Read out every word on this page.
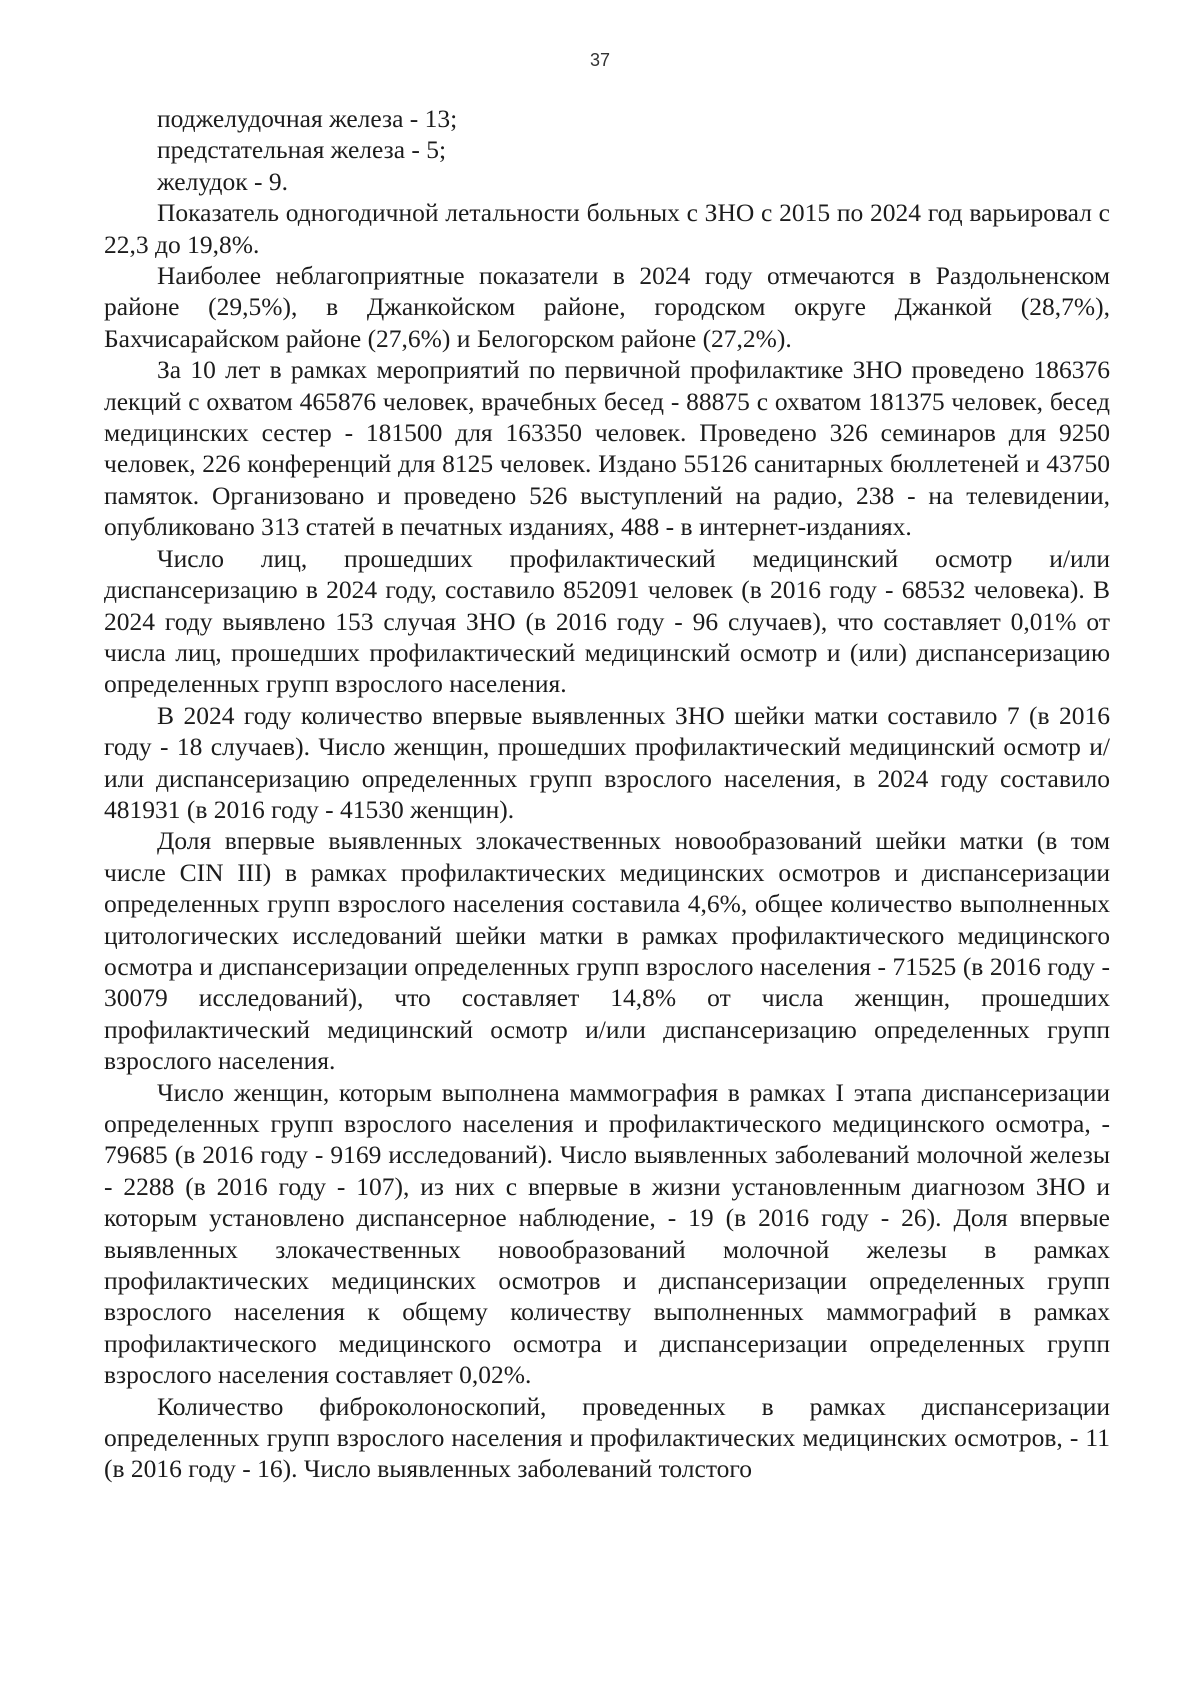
37

поджелудочная железа - 13;

предстательная железа - 5;

желудок - 9.

Показатель одногодичной летальности больных с ЗНО с 2015 по 2024 год варьировал с 22,3 до 19,8%.

Наиболее неблагоприятные показатели в 2024 году отмечаются в Раздольненском районе (29,5%), в Джанкойском районе, городском округе Джанкой (28,7%), Бахчисарайском районе (27,6%) и Белогорском районе (27,2%).

За 10 лет в рамках мероприятий по первичной профилактике ЗНО проведено 186376 лекций с охватом 465876 человек, врачебных бесед - 88875 с охватом 181375 человек, бесед медицинских сестер - 181500 для 163350 человек. Проведено 326 семинаров для 9250 человек, 226 конференций для 8125 человек. Издано 55126 санитарных бюллетеней и 43750 памяток. Организовано и проведено 526 выступлений на радио, 238 - на телевидении, опубликовано 313 статей в печатных изданиях, 488 - в интернет-изданиях.

Число лиц, прошедших профилактический медицинский осмотр и/или диспансеризацию в 2024 году, составило 852091 человек (в 2016 году - 68532 человека). В 2024 году выявлено 153 случая ЗНО (в 2016 году - 96 случаев), что составляет 0,01% от числа лиц, прошедших профилактический медицинский осмотр и (или) диспансеризацию определенных групп взрослого населения.

В 2024 году количество впервые выявленных ЗНО шейки матки составило 7 (в 2016 году - 18 случаев). Число женщин, прошедших профилактический медицинский осмотр и/или диспансеризацию определенных групп взрослого населения, в 2024 году составило 481931 (в 2016 году - 41530 женщин).

Доля впервые выявленных злокачественных новообразований шейки матки (в том числе CIN III) в рамках профилактических медицинских осмотров и диспансеризации определенных групп взрослого населения составила 4,6%, общее количество выполненных цитологических исследований шейки матки в рамках профилактического медицинского осмотра и диспансеризации определенных групп взрослого населения - 71525 (в 2016 году - 30079 исследований), что составляет 14,8% от числа женщин, прошедших профилактический медицинский осмотр и/или диспансеризацию определенных групп взрослого населения.

Число женщин, которым выполнена маммография в рамках I этапа диспансеризации определенных групп взрослого населения и профилактического медицинского осмотра, - 79685 (в 2016 году - 9169 исследований). Число выявленных заболеваний молочной железы - 2288 (в 2016 году - 107), из них с впервые в жизни установленным диагнозом ЗНО и которым установлено диспансерное наблюдение, - 19 (в 2016 году - 26). Доля впервые выявленных злокачественных новообразований молочной железы в рамках профилактических медицинских осмотров и диспансеризации определенных групп взрослого населения к общему количеству выполненных маммографий в рамках профилактического медицинского осмотра и диспансеризации определенных групп взрослого населения составляет 0,02%.

Количество фиброколоноскопий, проведенных в рамках диспансеризации определенных групп взрослого населения и профилактических медицинских осмотров, - 11 (в 2016 году - 16). Число выявленных заболеваний толстого
